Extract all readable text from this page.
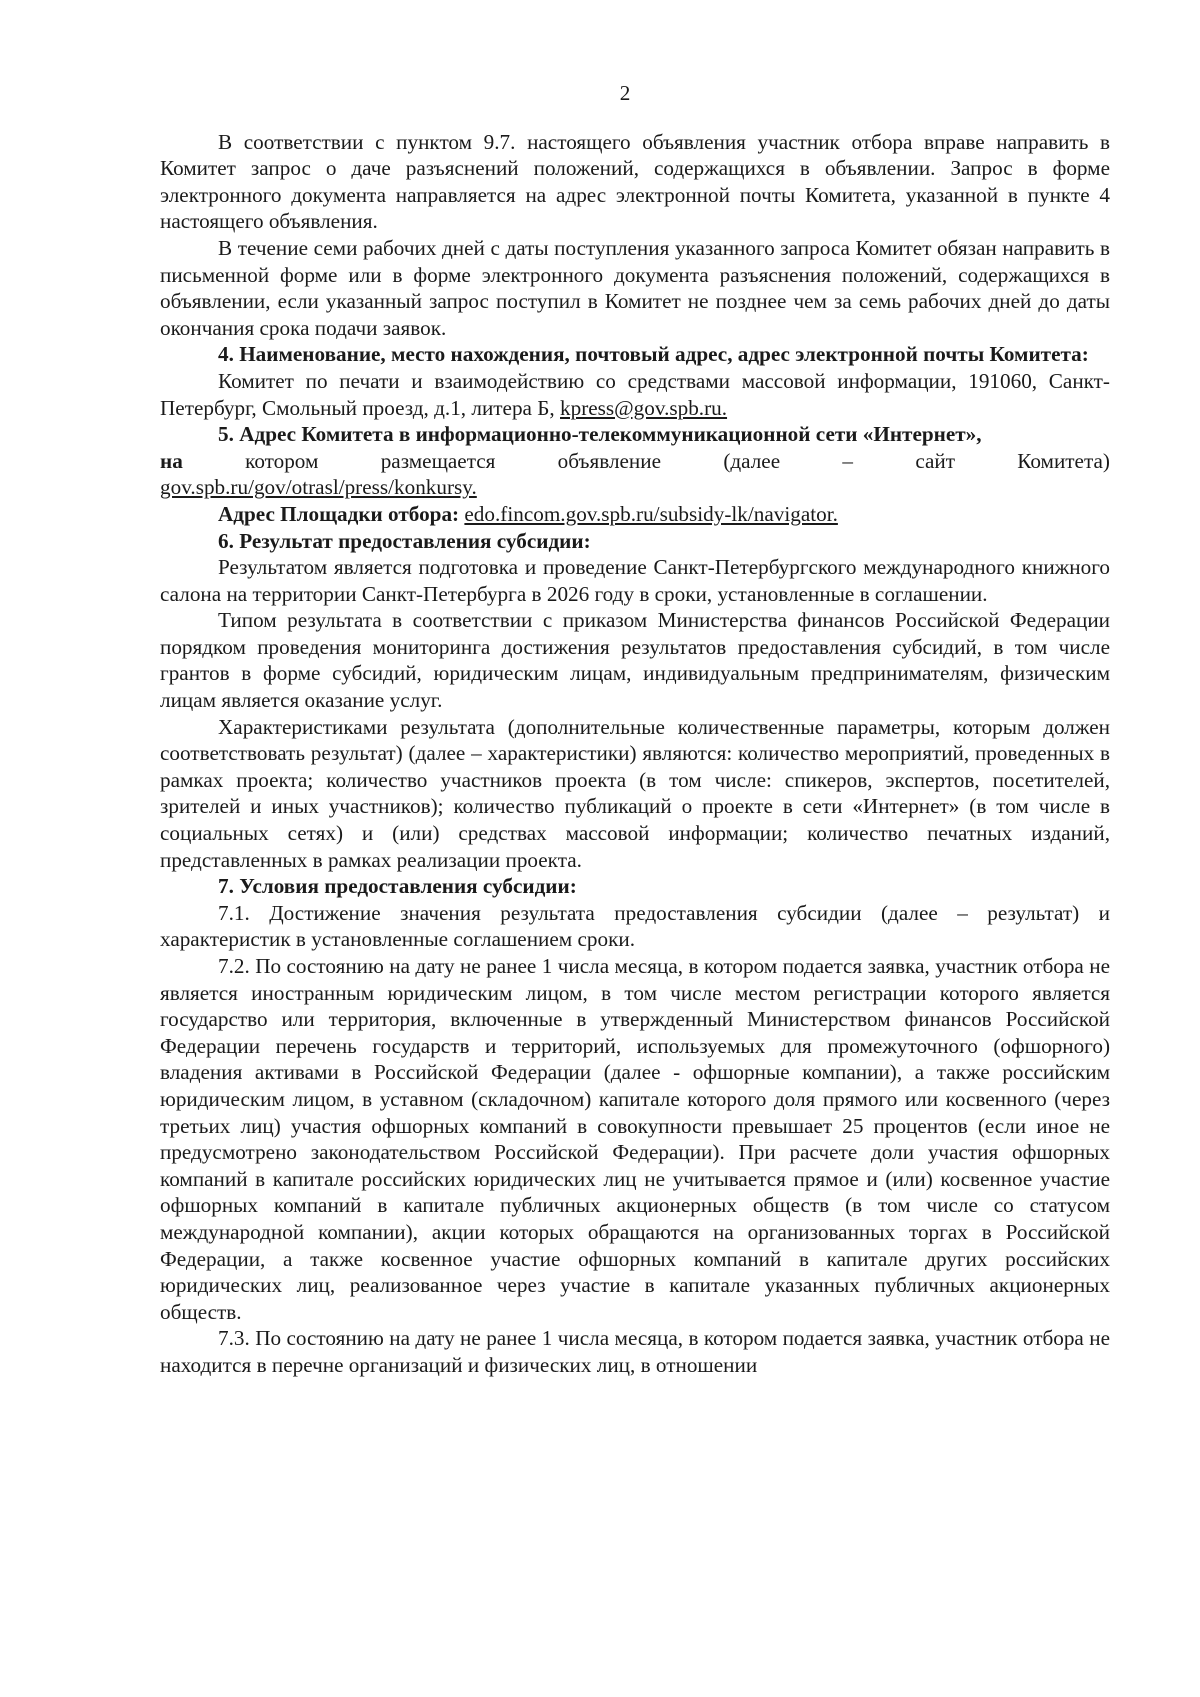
2

В соответствии с пунктом 9.7. настоящего объявления участник отбора вправе направить в Комитет запрос о даче разъяснений положений, содержащихся в объявлении. Запрос в форме электронного документа направляется на адрес электронной почты Комитета, указанной в пункте 4 настоящего объявления.

В течение семи рабочих дней с даты поступления указанного запроса Комитет обязан направить в письменной форме или в форме электронного документа разъяснения положений, содержащихся в объявлении, если указанный запрос поступил в Комитет не позднее чем за семь рабочих дней до даты окончания срока подачи заявок.

4. Наименование, место нахождения, почтовый адрес, адрес электронной почты Комитета:

Комитет по печати и взаимодействию со средствами массовой информации, 191060, Санкт-Петербург, Смольный проезд, д.1, литера Б, kpress@gov.spb.ru.

5. Адрес Комитета в информационно-телекоммуникационной сети «Интернет»,

на	котором	размещается	объявление	(далее	–	сайт	Комитета)

gov.spb.ru/gov/otrasl/press/konkursy.

Адрес Площадки отбора: edo.fincom.gov.spb.ru/subsidy-lk/navigator.

6. Результат предоставления субсидии:

Результатом является подготовка и проведение Санкт-Петербургского международного книжного салона на территории Санкт-Петербурга в 2026 году в сроки, установленные в соглашении.

Типом результата в соответствии с приказом Министерства финансов Российской Федерации порядком проведения мониторинга достижения результатов предоставления субсидий, в том числе грантов в форме субсидий, юридическим лицам, индивидуальным предпринимателям, физическим лицам является оказание услуг.

Характеристиками результата (дополнительные количественные параметры, которым должен соответствовать результат) (далее – характеристики) являются: количество мероприятий, проведенных в рамках проекта; количество участников проекта (в том числе: спикеров, экспертов, посетителей, зрителей и иных участников); количество публикаций о проекте в сети «Интернет» (в том числе в социальных сетях) и (или) средствах массовой информации; количество печатных изданий, представленных в рамках реализации проекта.

7. Условия предоставления субсидии:

7.1. Достижение значения результата предоставления субсидии (далее – результат) и характеристик в установленные соглашением сроки.

7.2. По состоянию на дату не ранее 1 числа месяца, в котором подается заявка, участник отбора не является иностранным юридическим лицом, в том числе местом регистрации которого является государство или территория, включенные в утвержденный Министерством финансов Российской Федерации перечень государств и территорий, используемых для промежуточного (офшорного) владения активами в Российской Федерации (далее - офшорные компании), а также российским юридическим лицом, в уставном (складочном) капитале которого доля прямого или косвенного (через третьих лиц) участия офшорных компаний в совокупности превышает 25 процентов (если иное не предусмотрено законодательством Российской Федерации). При расчете доли участия офшорных компаний в капитале российских юридических лиц не учитывается прямое и (или) косвенное участие офшорных компаний в капитале публичных акционерных обществ (в том числе со статусом международной компании), акции которых обращаются на организованных торгах в Российской Федерации, а также косвенное участие офшорных компаний в капитале других российских юридических лиц, реализованное через участие в капитале указанных публичных акционерных обществ.

7.3. По состоянию на дату не ранее 1 числа месяца, в котором подается заявка, участник отбора не находится в перечне организаций и физических лиц, в отношении
